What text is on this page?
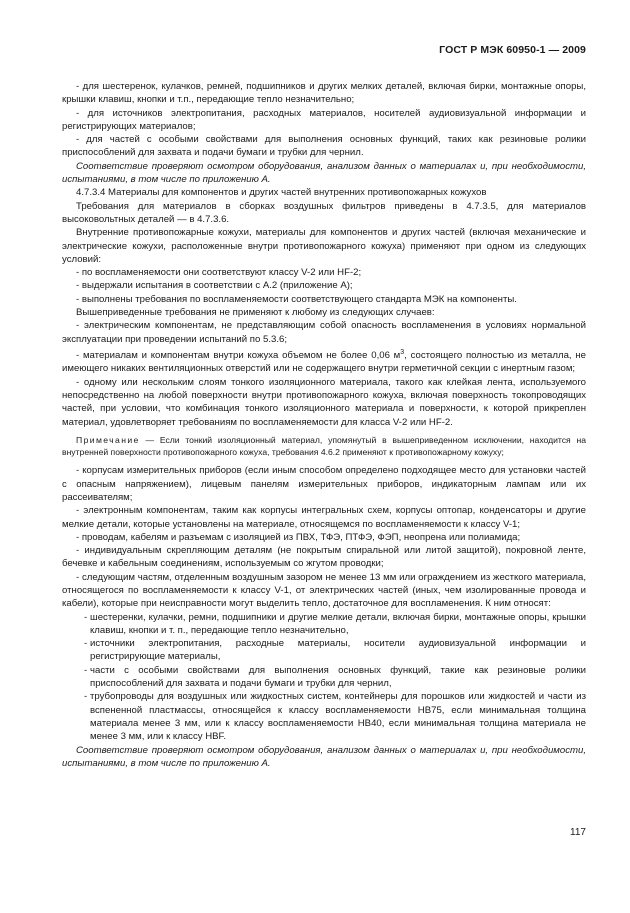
ГОСТ Р МЭК 60950-1 — 2009

- для шестеренок, кулачков, ремней, подшипников и других мелких деталей, включая бирки, монтажные опоры, крышки клавиш, кнопки и т.п., передающие тепло незначительно;

- для источников электропитания, расходных материалов, носителей аудиовизуальной информации и регистрирующих материалов;

- для частей с особыми свойствами для выполнения основных функций, таких как резиновые ролики приспособлений для захвата и подачи бумаги и трубки для чернил.

Соответствие проверяют осмотром оборудования, анализом данных о материалах и, при необходимости, испытаниями, в том числе по приложению А.

4.7.3.4 Материалы для компонентов и других частей внутренних противопожарных кожухов

Требования для материалов в сборках воздушных фильтров приведены в 4.7.3.5, для материалов высоковольтных деталей — в 4.7.3.6.

Внутренние противопожарные кожухи, материалы для компонентов и других частей (включая механические и электрические кожухи, расположенные внутри противопожарного кожуха) применяют при одном из следующих условий:

- по воспламеняемости они соответствуют классу V-2 или HF-2;

- выдержали испытания в соответствии с А.2 (приложение А);

- выполнены требования по воспламеняемости соответствующего стандарта МЭК на компоненты.

Вышеприведенные требования не применяют к любому из следующих случаев:

- электрическим компонентам, не представляющим собой опасность воспламенения в условиях нормальной эксплуатации при проведении испытаний по 5.3.6;

- материалам и компонентам внутри кожуха объемом не более 0,06 $м^3$, состоящего полностью из металла, не имеющего никаких вентиляционных отверстий или не содержащего внутри герметичной секции с инертным газом;

- одному или нескольким слоям тонкого изоляционного материала, такого как клейкая лента, используемого непосредственно на любой поверхности внутри противопожарного кожуха, включая поверхность токопроводящих частей, при условии, что комбинация тонкого изоляционного материала и поверхности, к которой прикреплен материал, удовлетворяет требованиям по воспламеняемости для класса V-2 или HF-2.

Примечание — Если тонкий изоляционный материал, упомянутый в вышеприведенном исключении, находится на внутренней поверхности противопожарного кожуха, требования 4.6.2 применяют к противопожарному кожуху;

- корпусам измерительных приборов (если иным способом определено подходящее место для установки частей с опасным напряжением), лицевым панелям измерительных приборов, индикаторным лампам или их рассеивателям;

- электронным компонентам, таким как корпусы интегральных схем, корпусы оптопар, конденсаторы и другие мелкие детали, которые установлены на материале, относящемся по воспламеняемости к классу V-1;

- проводам, кабелям и разъемам с изоляцией из ПВХ, ТФЭ, ПТФЭ, ФЭП, неопрена или полиамида;

- индивидуальным скрепляющим деталям (не покрытым спиральной или литой защитой), покровной ленте, бечевке и кабельным соединениям, используемым со жгутом проводки;

- следующим частям, отделенным воздушным зазором не менее 13 мм или ограждением из жесткого материала, относящегося по воспламеняемости к классу V-1, от электрических частей (иных, чем изолированные провода и кабели), которые при неисправности могут выделить тепло, достаточное для воспламенения. К ним относят:

- шестеренки, кулачки, ремни, подшипники и другие мелкие детали, включая бирки, монтажные опоры, крышки клавиш, кнопки и т. п., передающие тепло незначительно,
- источники электропитания, расходные материалы, носители аудиовизуальной информации и регистрирующие материалы,
- части с особыми свойствами для выполнения основных функций, такие как резиновые ролики приспособлений для захвата и подачи бумаги и трубки для чернил,
- трубопроводы для воздушных или жидкостных систем, контейнеры для порошков или жидкостей и части из вспененной пластмассы, относящейся к классу воспламеняемости НВ75, если минимальная толщина материала менее 3 мм, или к классу воспламеняемости НВ40, если минимальная толщина материала не менее 3 мм, или к классу HBF.

Соответствие проверяют осмотром оборудования, анализом данных о материалах и, при необходимости, испытаниями, в том числе по приложению А.

117
